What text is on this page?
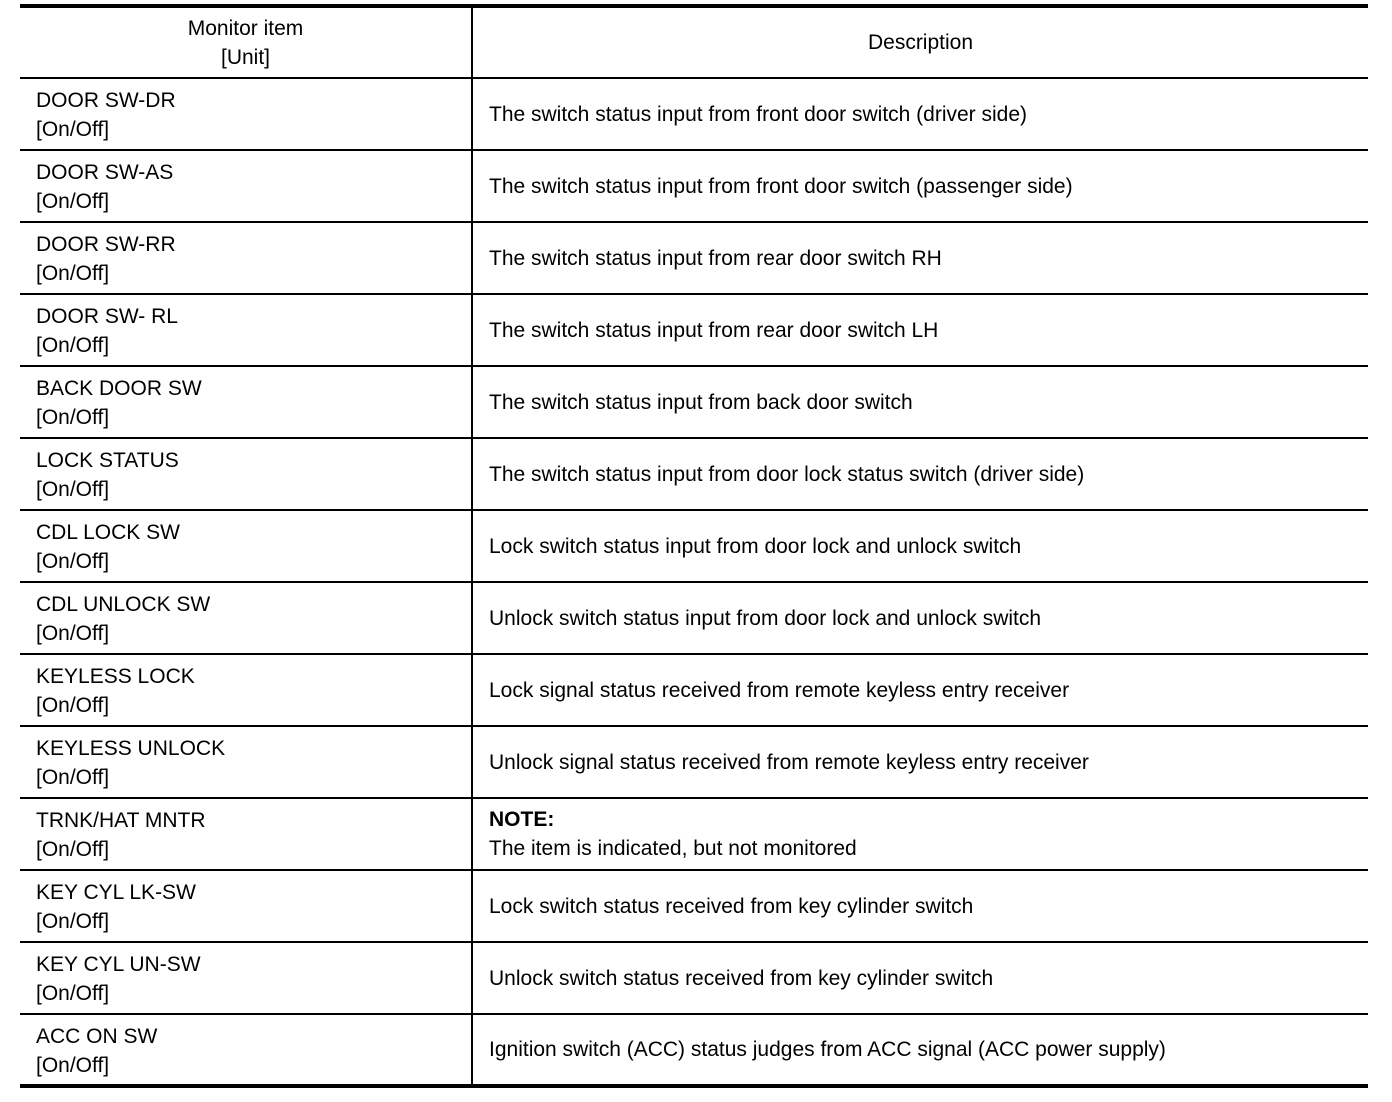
Monitor item
[Unit]	Description

DOOR SW-DR
[On/Off]	The switch status input from front door switch (driver side)

DOOR SW-AS
[On/Off]	The switch status input from front door switch (passenger side)

DOOR SW-RR
[On/Off]	The switch status input from rear door switch RH

DOOR SW- RL
[On/Off]	The switch status input from rear door switch LH

BACK DOOR SW
[On/Off]	The switch status input from back door switch

LOCK STATUS
[On/Off]	The switch status input from door lock status switch (driver side)

CDL LOCK SW
[On/Off]	Lock switch status input from door lock and unlock switch

CDL UNLOCK SW
[On/Off]	Unlock switch status input from door lock and unlock switch

KEYLESS LOCK
[On/Off]	Lock signal status received from remote keyless entry receiver

KEYLESS UNLOCK
[On/Off]	Unlock signal status received from remote keyless entry receiver

TRNK/HAT MNTR
[On/Off]	NOTE:
The item is indicated, but not monitored

KEY CYL LK-SW
[On/Off]	Lock switch status received from key cylinder switch

KEY CYL UN-SW
[On/Off]	Unlock switch status received from key cylinder switch

ACC ON SW
[On/Off]	Ignition switch (ACC) status judges from ACC signal (ACC power supply)
